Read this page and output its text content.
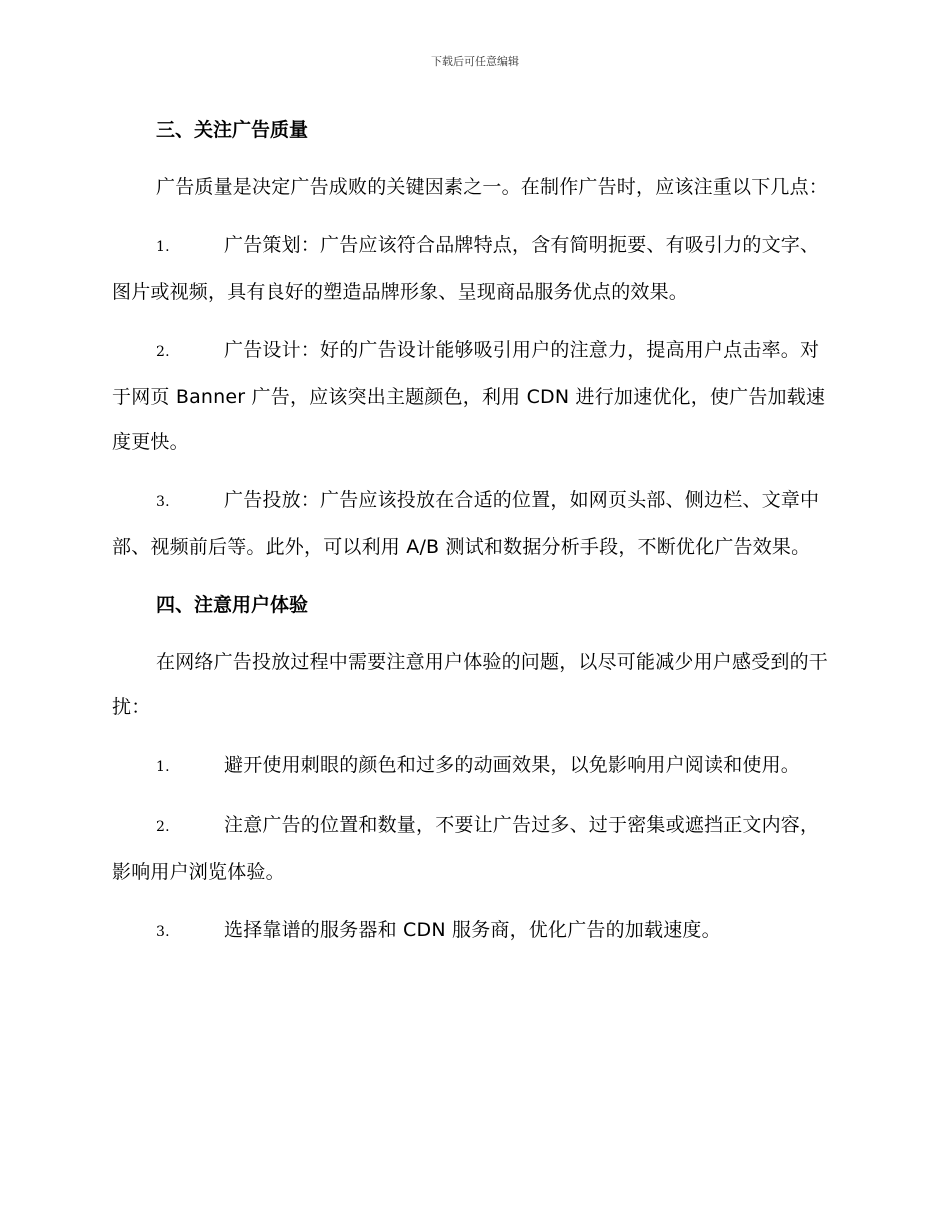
下载后可任意编辑
三、关注广告质量

广告质量是决定广告成败的关键因素之一。在制作广告时，应该注重以下几点：

1.	广告策划：广告应该符合品牌特点，含有简明扼要、有吸引力的文字、图片或视频，具有良好的塑造品牌形象、呈现商品服务优点的效果。

2.	广告设计：好的广告设计能够吸引用户的注意力，提高用户点击率。对于网页 Banner 广告，应该突出主题颜色，利用 CDN 进行加速优化，使广告加载速度更快。

3.	广告投放：广告应该投放在合适的位置，如网页头部、侧边栏、文章中部、视频前后等。此外，可以利用 A/B 测试和数据分析手段，不断优化广告效果。

四、注意用户体验

在网络广告投放过程中需要注意用户体验的问题，以尽可能减少用户感受到的干扰：

1.	避开使用刺眼的颜色和过多的动画效果，以免影响用户阅读和使用。

2.	注意广告的位置和数量，不要让广告过多、过于密集或遮挡正文内容，影响用户浏览体验。

3.	选择靠谱的服务器和 CDN 服务商，优化广告的加载速度。
